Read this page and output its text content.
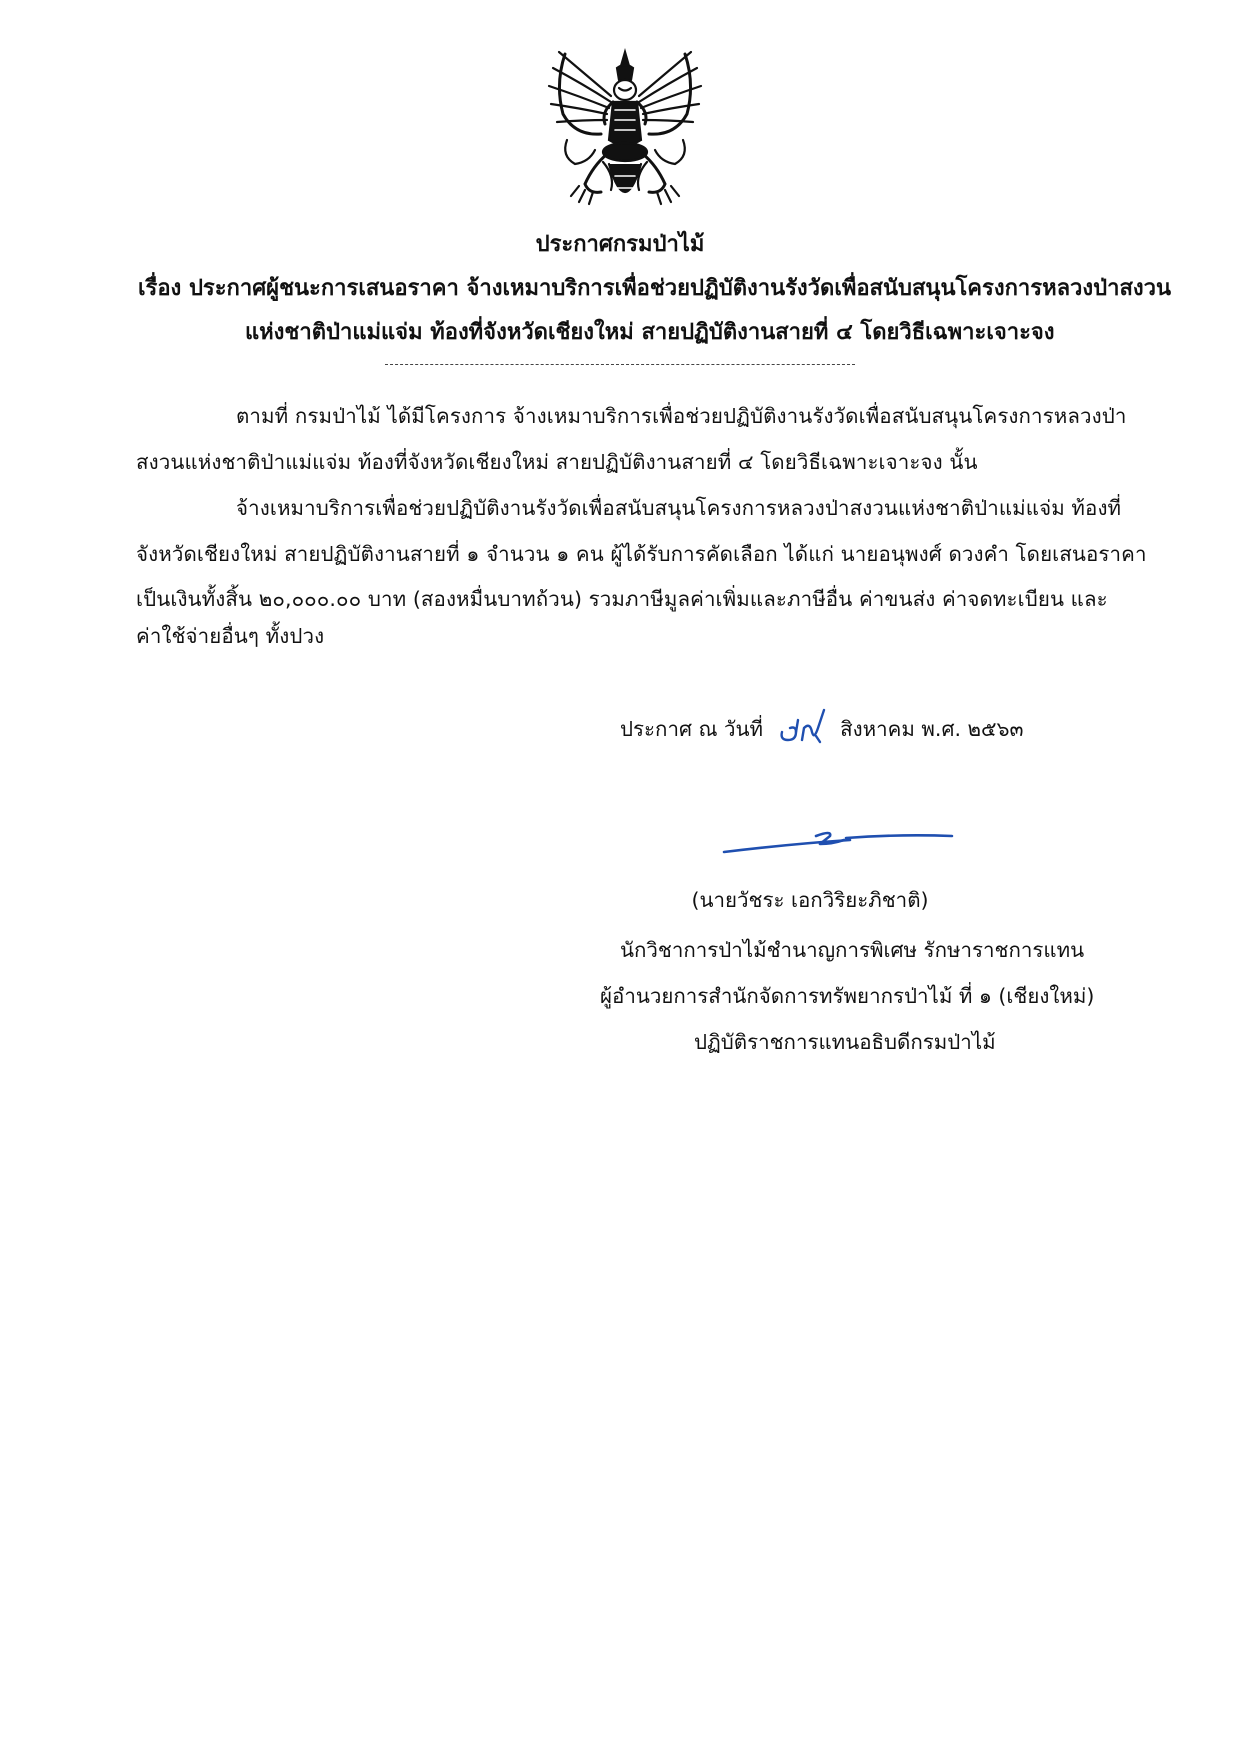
ประกาศกรมป่าไม้
เรื่อง ประกาศผู้ชนะการเสนอราคา จ้างเหมาบริการเพื่อช่วยปฏิบัติงานรังวัดเพื่อสนับสนุนโครงการหลวงป่าสงวน
แห่งชาติป่าแม่แจ่ม ท้องที่จังหวัดเชียงใหม่ สายปฏิบัติงานสายที่ ๔ โดยวิธีเฉพาะเจาะจง
ตามที่ กรมป่าไม้ ได้มีโครงการ จ้างเหมาบริการเพื่อช่วยปฏิบัติงานรังวัดเพื่อสนับสนุนโครงการหลวงป่า
สงวนแห่งชาติป่าแม่แจ่ม ท้องที่จังหวัดเชียงใหม่ สายปฏิบัติงานสายที่ ๔ โดยวิธีเฉพาะเจาะจง นั้น
จ้างเหมาบริการเพื่อช่วยปฏิบัติงานรังวัดเพื่อสนับสนุนโครงการหลวงป่าสงวนแห่งชาติป่าแม่แจ่ม ท้องที่
จังหวัดเชียงใหม่ สายปฏิบัติงานสายที่ ๑ จำนวน ๑ คน ผู้ได้รับการคัดเลือก ได้แก่ นายอนุพงศ์ ดวงคำ โดยเสนอราคา
เป็นเงินทั้งสิ้น ๒๐,๐๐๐.๐๐ บาท (สองหมื่นบาทถ้วน) รวมภาษีมูลค่าเพิ่มและภาษีอื่น ค่าขนส่ง ค่าจดทะเบียน และ
ค่าใช้จ่ายอื่นๆ ทั้งปวง
ประกาศ ณ วันที่	สิงหาคม พ.ศ. ๒๕๖๓
(นายวัชระ เอกวิริยะภิชาติ)
นักวิชาการป่าไม้ชำนาญการพิเศษ รักษาราชการแทน
ผู้อำนวยการสำนักจัดการทรัพยากรป่าไม้ ที่ ๑ (เชียงใหม่)
ปฏิบัติราชการแทนอธิบดีกรมป่าไม้
